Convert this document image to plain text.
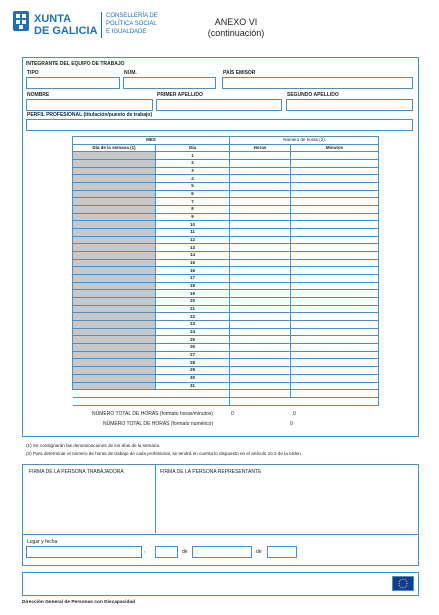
XUNTA
DE GALICIA
CONSELLERÍA DE
POLÍTICA SOCIAL
E IGUALDADE
ANEXO VI
(continuación)
INTEGRANTE DEL EQUIPO DE TRABAJO
TIPO	NÚM.	PAÍS EMISOR
NOMBRE	PRIMER APELLIDO	SEGUNDO APELLIDO
PERFIL PROFESIONAL (titulación/puesto de trabajo)
MES		Número de horas (2)	
Día de la semana (1)	Día	Horas	Minutos
	1		
	2		
	3		
	4		
	5		
	6		
	7		
	8		
	9		
	10		
	11		
	12		
	13		
	14		
	15		
	16		
	17		
	18		
	19		
	20		
	21		
	22		
	23		
	24		
	25		
	26		
	27		
	28		
	29		
	30		
	31		

NÚMERO TOTAL DE HORAS (formato horas/minutos)	0	0
NÚMERO TOTAL DE HORAS (formato numérico)	0
(1) Se consignarán las denominaciones de los días de la semana.
(2) Para determinar el número de horas de trabajo de cada profesional, se tendrá en cuenta lo dispuesto en el artículo 10.3 de la orden.
FIRMA DE LA PERSONA TRABAJADORA	FIRMA DE LA PERSONA REPRESENTANTE
Lugar y fecha
,	de	de
Dirección General de Personas con Discapacidad
